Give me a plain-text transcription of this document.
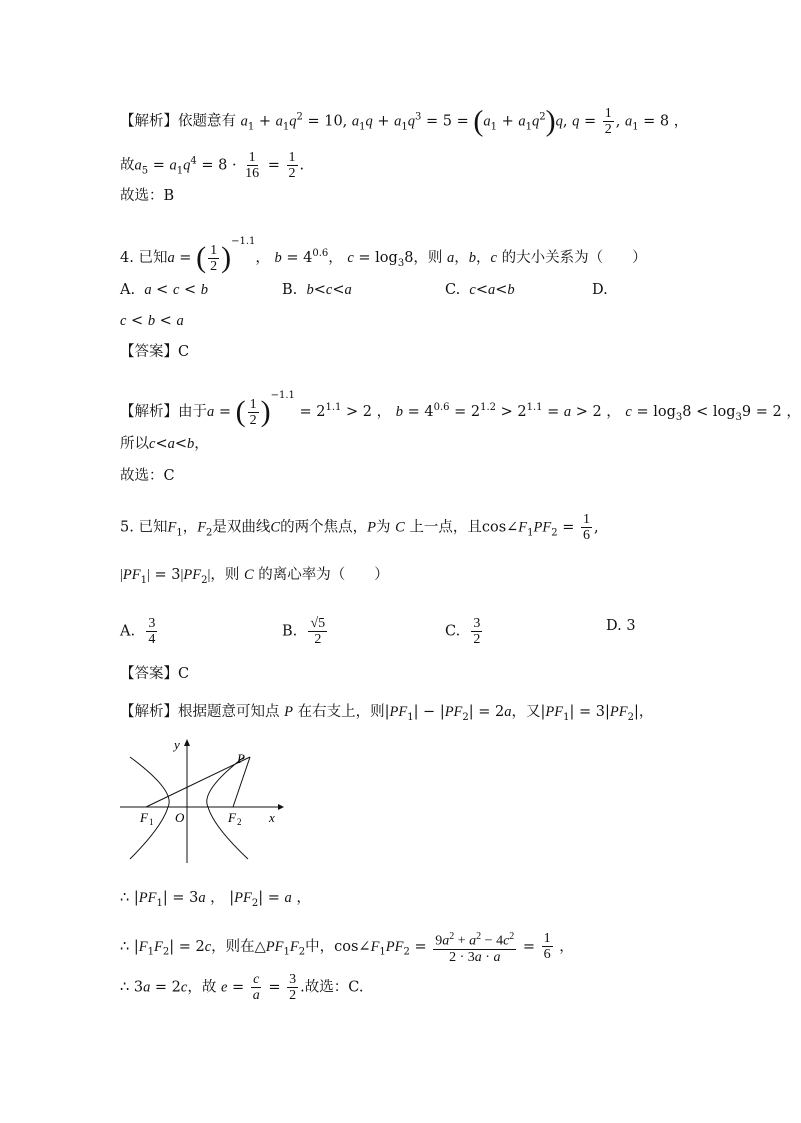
【解析】依题意有 $a_1 + a_1q^2 = 10$, $a_1q + a_1q^3 = 5 = (a_1 + a_1q^2)q$, $q = \frac{1}{2}$ , $a_1 = 8$ ，
故$a_5 = a_1q^4 = 8 \cdot \frac{1}{16} = \frac{1}{2}$ .
故选：B
4. 已知a = ( $\frac{1}{2} )^{-1.1}$， $b = 4^{0.6}$， $c = \log_38$，则 a，b，c 的大小关系为（　　）
A. a < c < b	B. b<c<a	C. c<a<b	D.
c < b < a
【答案】C
【解析】由于a = ( $\frac{1}{2} )^{-1.1} = 2^{1.1} > 2$ ， $b = 4^{0.6} = 2^{1.2} > 2^{1.1} = a > 2$ ， $c = \log_38 < \log_39 = 2$ ，
所以c<a<b，
故选：C
5. 已知$F_1$，$F_2$是双曲线C的两个焦点，P为 C 上一点，且$\cos\angle F_1PF_2 = \frac{1}{6}$ ,
$|PF_1| = 3|PF_2|$，则 C 的离心率为（　　）
A. $\frac{3}{4}$	B. $\frac{√5}{2}$	C. $\frac{3}{2}$	D. 3
【答案】C
【解析】根据题意可知点 P 在右支上，则$|PF_1| - |PF_2| = 2a$，又$|PF_1| = 3|PF_2|$，
y
P
x
O
F 1	F 2
∴ $|PF_1| = 3a$ ， $|PF_2| = a$ ，
∴ $|F_1F_2| = 2c$，则在$\triangle PF_1F_2$中，$\cos\angle F_1PF_2 = \frac{9a^2 + a^2 - 4c^2}{2 \cdot 3a \cdot a} = \frac{1}{6}$ ，
∴ 3a = 2c，故 $e = \frac{c}{a} = \frac{3}{2}$ .故选：C.
